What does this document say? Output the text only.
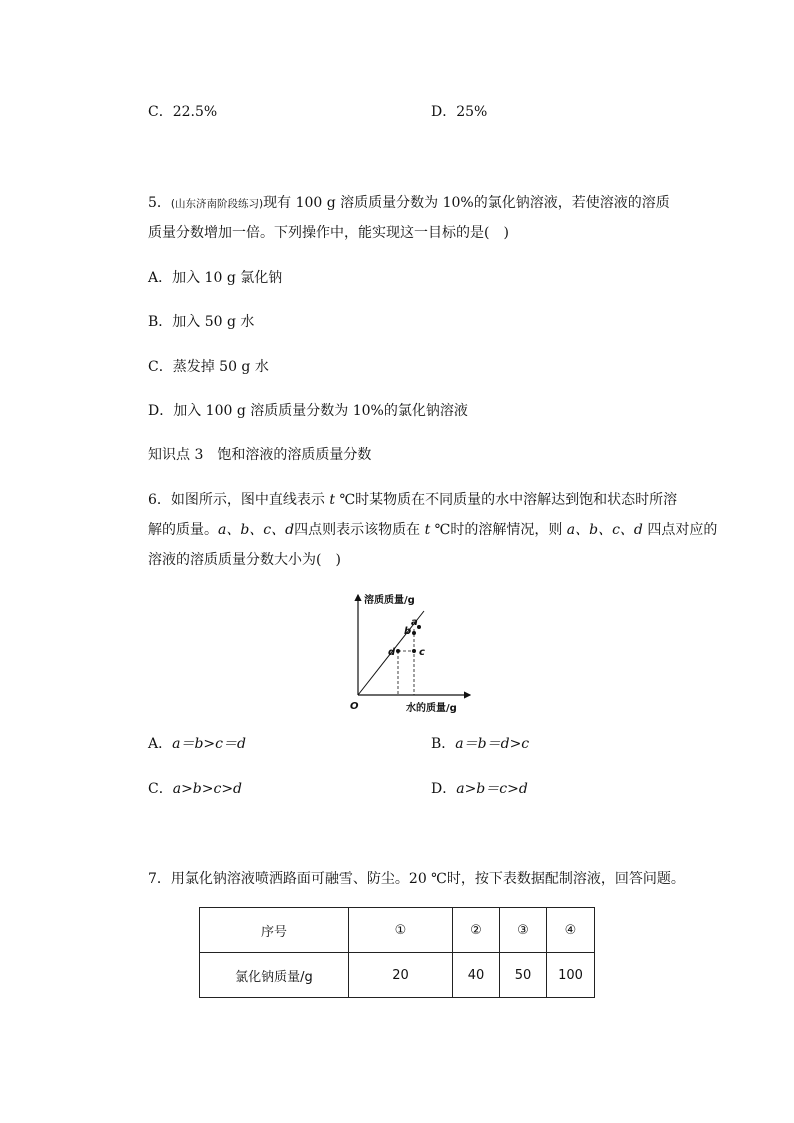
C．22.5%	D．25%
5．(山东济南阶段练习)现有 100 g 溶质质量分数为 10%的氯化钠溶液，若使溶液的溶质
质量分数增加一倍。下列操作中，能实现这一目标的是(　)
A．加入 10 g 氯化钠
B．加入 50 g 水
C．蒸发掉 50 g 水
D．加入 100 g 溶质质量分数为 10%的氯化钠溶液
知识点 3　饱和溶液的溶质质量分数
6．如图所示，图中直线表示 t ℃时某物质在不同质量的水中溶解达到饱和状态时所溶
解的质量。a、b、c、d四点则表示该物质在 t ℃时的溶解情况，则 a、b、c、d 四点对应的
溶液的溶质质量分数大小为(　)
溶质质量/g
水的质量/g
O
a
b
c
d
A．a＝b>c＝d	B．a＝b＝d>c
C．a>b>c>d	D．a>b＝c>d
7．用氯化钠溶液喷洒路面可融雪、防尘。20 ℃时，按下表数据配制溶液，回答问题。
序号	①	②	③	④
氯化钠质量/g	20	40	50	100
